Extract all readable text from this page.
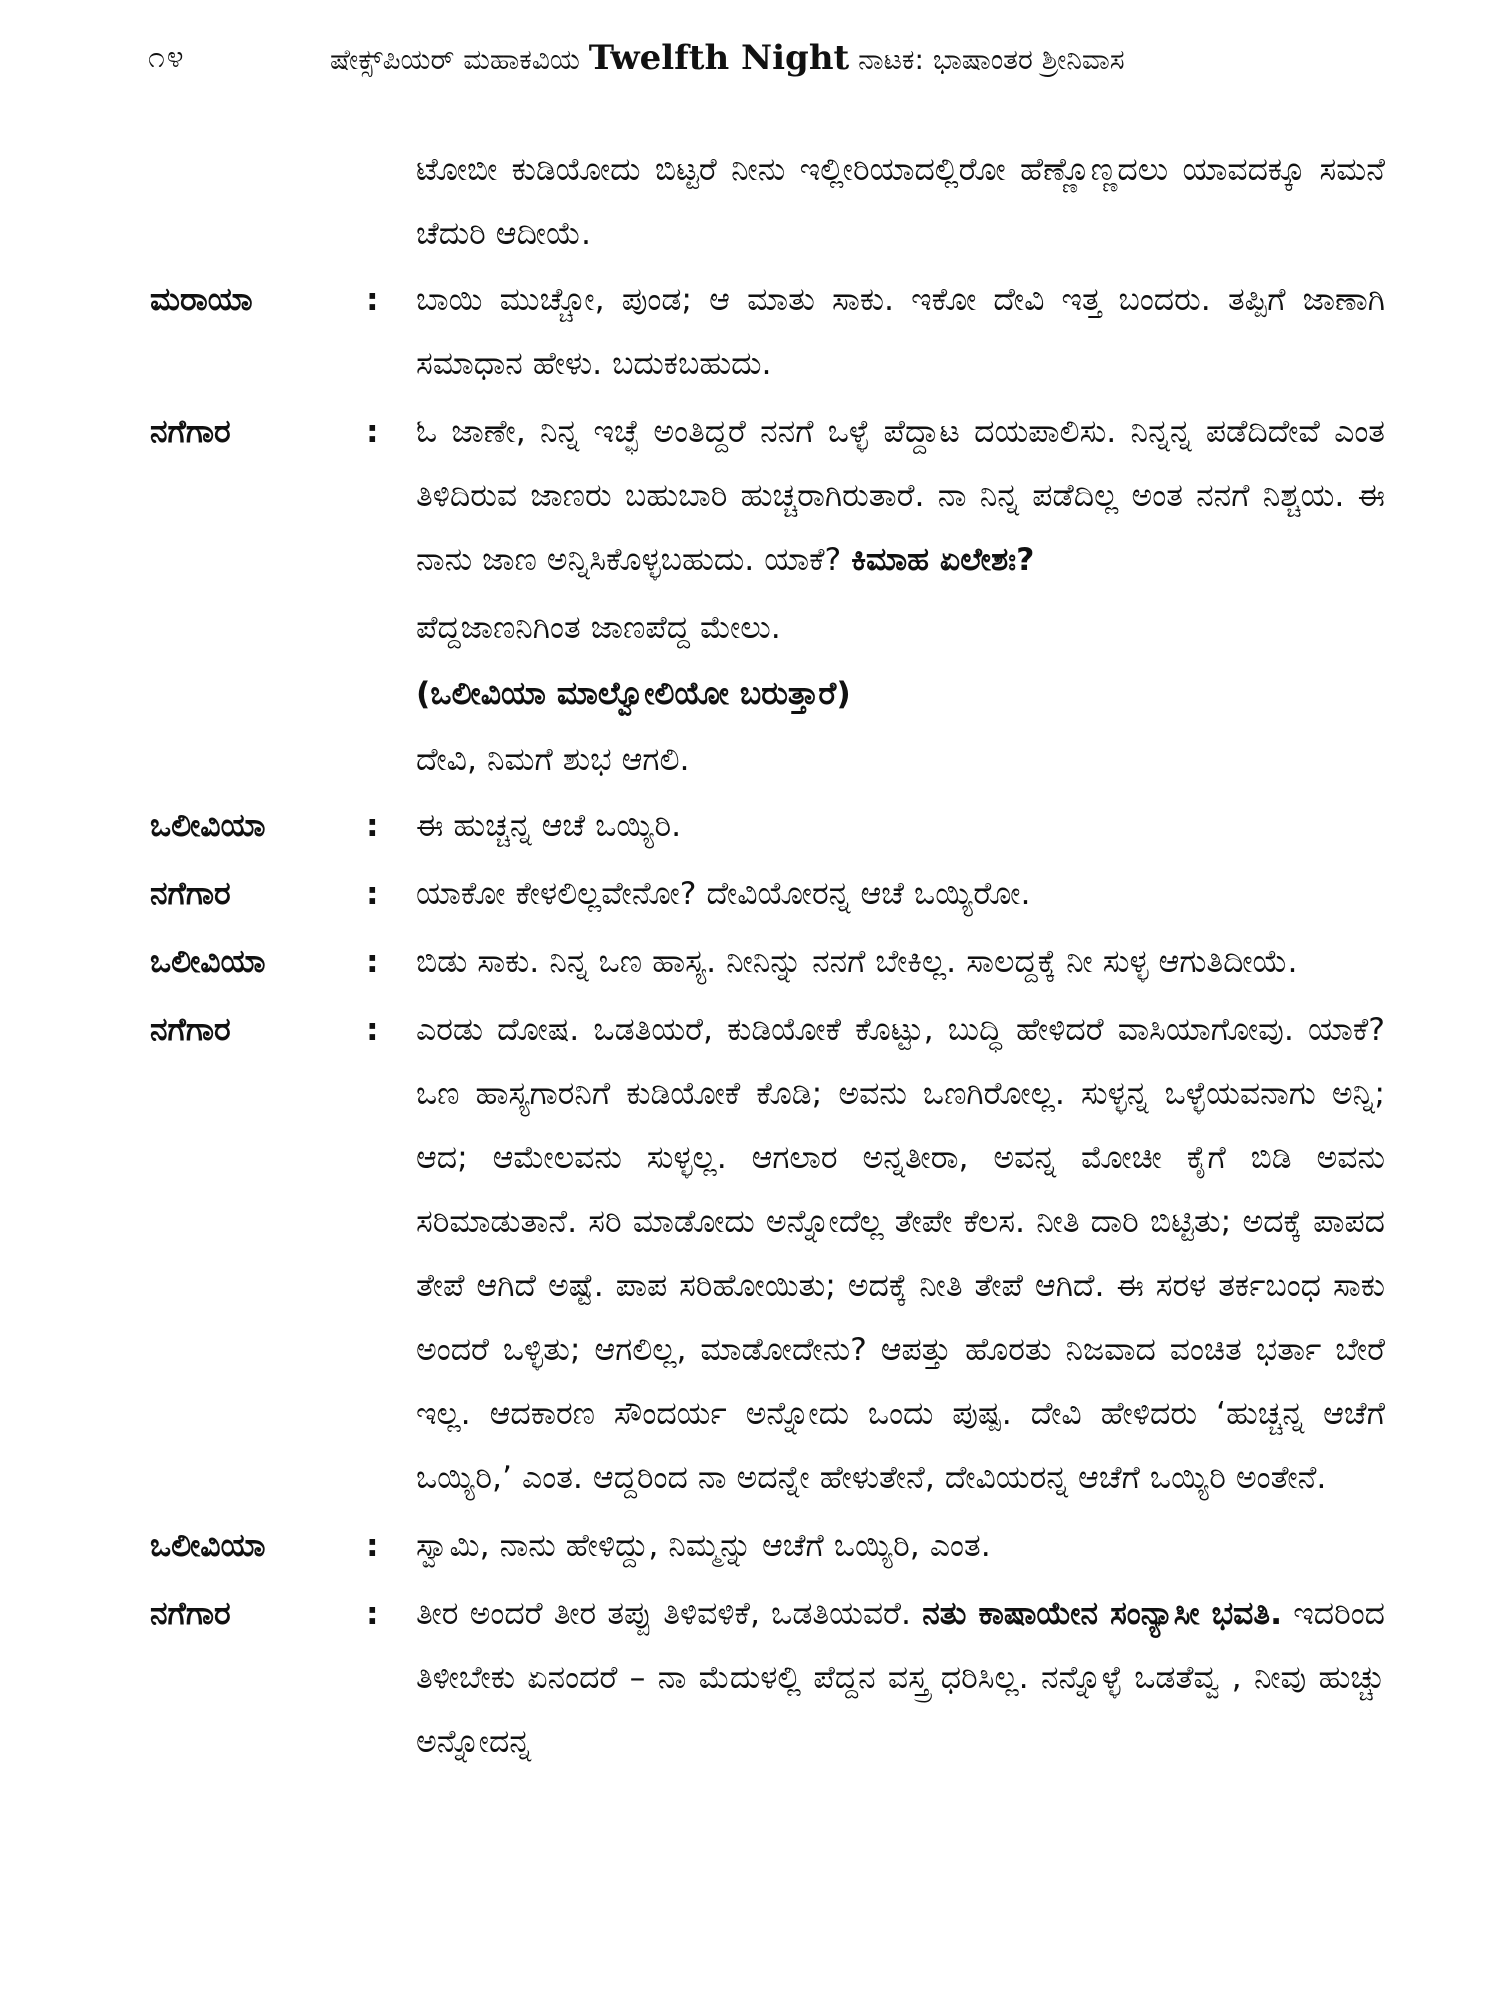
೧೪	ಷೇಕ್ಸ್‌ಪಿಯರ್ ಮಹಾಕವಿಯ Twelfth Night ನಾಟಕ: ಭಾಷಾಂತರ ಶ್ರೀನಿವಾಸ
ಟೋಬೀ ಕುಡಿಯೋದು ಬಿಟ್ಟರೆ ನೀನು ಇಲ್ಲೀರಿಯಾದಲ್ಲಿರೋ ಹೆಣ್ಣೊಣ್ಣದಲು ಯಾವದಕ್ಕೂ ಸಮನೆ ಚೆದುರಿ ಆದೀಯೆ.
ಮರಾಯಾ	:	ಬಾಯಿ ಮುಚ್ಚೋ, ಪುಂಡ; ಆ ಮಾತು ಸಾಕು. ಇಕೋ ದೇವಿ ಇತ್ತ ಬಂದರು. ತಪ್ಪಿಗೆ ಜಾಣಾಗಿ ಸಮಾಧಾನ ಹೇಳು. ಬದುಕಬಹುದು.
ನಗೆಗಾರ	:	ಓ ಜಾಣೇ, ನಿನ್ನ ಇಚ್ಛೆ ಅಂತಿದ್ದರೆ ನನಗೆ ಒಳ್ಳೆ ಪೆದ್ದಾಟ ದಯಪಾಲಿಸು. ನಿನ್ನನ್ನ ಪಡೆದಿದೇವೆ ಎಂತ ತಿಳಿದಿರುವ ಜಾಣರು ಬಹುಬಾರಿ ಹುಚ್ಚರಾಗಿರುತಾರೆ. ನಾ ನಿನ್ನ ಪಡೆದಿಲ್ಲ ಅಂತ ನನಗೆ ನಿಶ್ಚಯ. ಈ ನಾನು ಜಾಣ ಅನ್ನಿಸಿಕೊಳ್ಳಬಹುದು. ಯಾಕೆ? ಕಿಮಾಹ ಏಲೇಶಃ?
ಪೆದ್ದಜಾಣನಿಗಿಂತ ಜಾಣಪೆದ್ದ ಮೇಲು.
(ಒಲೀವಿಯಾ ಮಾಲ್ವೋಲಿಯೋ ಬರುತ್ತಾರೆ)
ದೇವಿ, ನಿಮಗೆ ಶುಭ ಆಗಲಿ.
ಒಲೀವಿಯಾ	:	ಈ ಹುಚ್ಚನ್ನ ಆಚೆ ಒಯ್ಯಿರಿ.
ನಗೆಗಾರ	:	ಯಾಕೋ ಕೇಳಲಿಲ್ಲವೇನೋ? ದೇವಿಯೋರನ್ನ ಆಚೆ ಒಯ್ಯಿರೋ.
ಒಲೀವಿಯಾ	:	ಬಿಡು ಸಾಕು. ನಿನ್ನ ಒಣ ಹಾಸ್ಯ. ನೀನಿನ್ನು ನನಗೆ ಬೇಕಿಲ್ಲ. ಸಾಲದ್ದಕ್ಕೆ ನೀ ಸುಳ್ಳ ಆಗುತಿದೀಯೆ.
ನಗೆಗಾರ	:	ಎರಡು ದೋಷ. ಒಡತಿಯರೆ, ಕುಡಿಯೋಕೆ ಕೊಟ್ಟು, ಬುದ್ಧಿ ಹೇಳಿದರೆ ವಾಸಿಯಾಗೋವು. ಯಾಕೆ? ಒಣ ಹಾಸ್ಯಗಾರನಿಗೆ ಕುಡಿಯೋಕೆ ಕೊಡಿ; ಅವನು ಒಣಗಿರೋಲ್ಲ. ಸುಳ್ಳನ್ನ ಒಳ್ಳೆಯವನಾಗು ಅನ್ನಿ; ಆದ; ಆಮೇಲವನು ಸುಳ್ಳಲ್ಲ. ಆಗಲಾರ ಅನ್ನತೀರಾ, ಅವನ್ನ ಮೋಚೀ ಕೈಗೆ ಬಿಡಿ ಅವನು ಸರಿಮಾಡುತಾನೆ. ಸರಿ ಮಾಡೋದು ಅನ್ನೋದೆಲ್ಲ ತೇಪೇ ಕೆಲಸ. ನೀತಿ ದಾರಿ ಬಿಟ್ಟಿತು; ಅದಕ್ಕೆ ಪಾಪದ ತೇಪೆ ಆಗಿದೆ ಅಷ್ಟೆ. ಪಾಪ ಸರಿಹೋಯಿತು; ಅದಕ್ಕೆ ನೀತಿ ತೇಪೆ ಆಗಿದೆ. ಈ ಸರಳ ತರ್ಕಬಂಧ ಸಾಕು ಅಂದರೆ ಒಳ್ಳಿತು; ಆಗಲಿಲ್ಲ, ಮಾಡೋದೇನು? ಆಪತ್ತು ಹೊರತು ನಿಜವಾದ ವಂಚಿತ ಭರ್ತಾ ಬೇರೆ ಇಲ್ಲ. ಆದಕಾರಣ ಸೌಂದರ್ಯ ಅನ್ನೋದು ಒಂದು ಪುಷ್ಪ. ದೇವಿ ಹೇಳಿದರು ‘ಹುಚ್ಚನ್ನ ಆಚೆಗೆ ಒಯ್ಯಿರಿ,’ ಎಂತ. ಆದ್ದರಿಂದ ನಾ ಅದನ್ನೇ ಹೇಳುತೇನೆ, ದೇವಿಯರನ್ನ ಆಚೆಗೆ ಒಯ್ಯಿರಿ ಅಂತೇನೆ.
ಒಲೀವಿಯಾ	:	ಸ್ವಾಮಿ, ನಾನು ಹೇಳಿದ್ದು, ನಿಮ್ಮನ್ನು ಆಚೆಗೆ ಒಯ್ಯಿರಿ, ಎಂತ.
ನಗೆಗಾರ	:	ತೀರ ಅಂದರೆ ತೀರ ತಪ್ಪು ತಿಳಿವಳಿಕೆ, ಒಡತಿಯವರೆ. ನತು ಕಾಷಾಯೇನ ಸಂನ್ಯಾಸೀ ಭವತಿ. ಇದರಿಂದ ತಿಳೀಬೇಕು ಏನಂದರೆ – ನಾ ಮೆದುಳಲ್ಲಿ ಪೆದ್ದನ ವಸ್ತ್ರ ಧರಿಸಿಲ್ಲ. ನನ್ನೊಳ್ಳೆ ಒಡತೆವ್ವ , ನೀವು ಹುಚ್ಚು ಅನ್ನೋದನ್ನ
